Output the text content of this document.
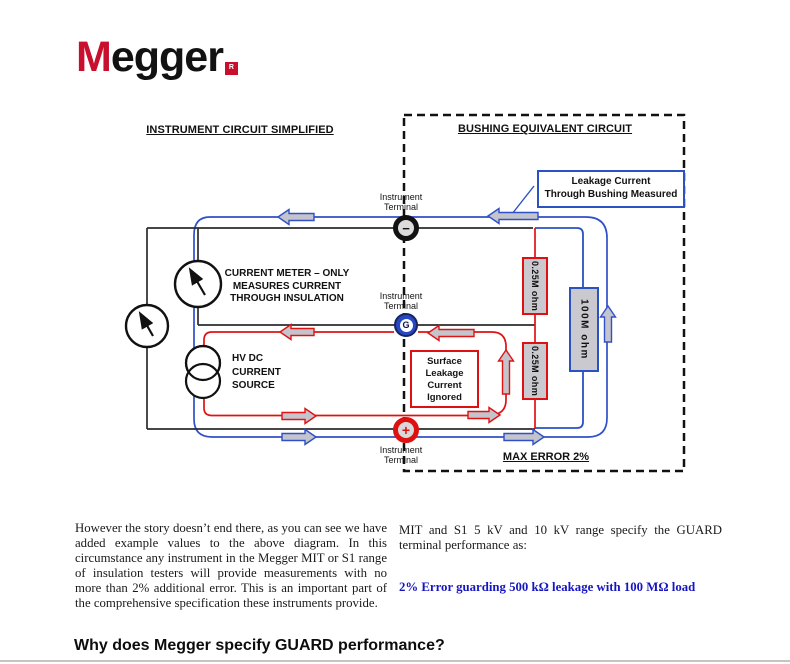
Megger R
INSTRUMENT CIRCUIT SIMPLIFIED	BUSHING EQUIVALENT CIRCUIT
Leakage Current
Through Bushing Measured
Surface
Leakage
Current
Ignored
0.25M ohm
0.25M ohm
100M ohm
Instrument
Terminal
−
Instrument
Terminal
G
+
Instrument
Terminal
CURRENT METER – ONLY
MEASURES CURRENT
THROUGH INSULATION
HV DC
CURRENT
SOURCE
MAX ERROR 2%
However the story doesn’t end there, as you can see we have added example values to the above diagram. In this circumstance any instrument in the Megger MIT or S1 range of insulation testers will provide measurements with no more than 2% additional error. This is an important part of the comprehensive specification these instruments provide.
MIT and S1 5 kV and 10 kV range specify the GUARD terminal performance as:
2% Error guarding 500 kΩ leakage with 100 MΩ load
Why does Megger specify GUARD performance?
